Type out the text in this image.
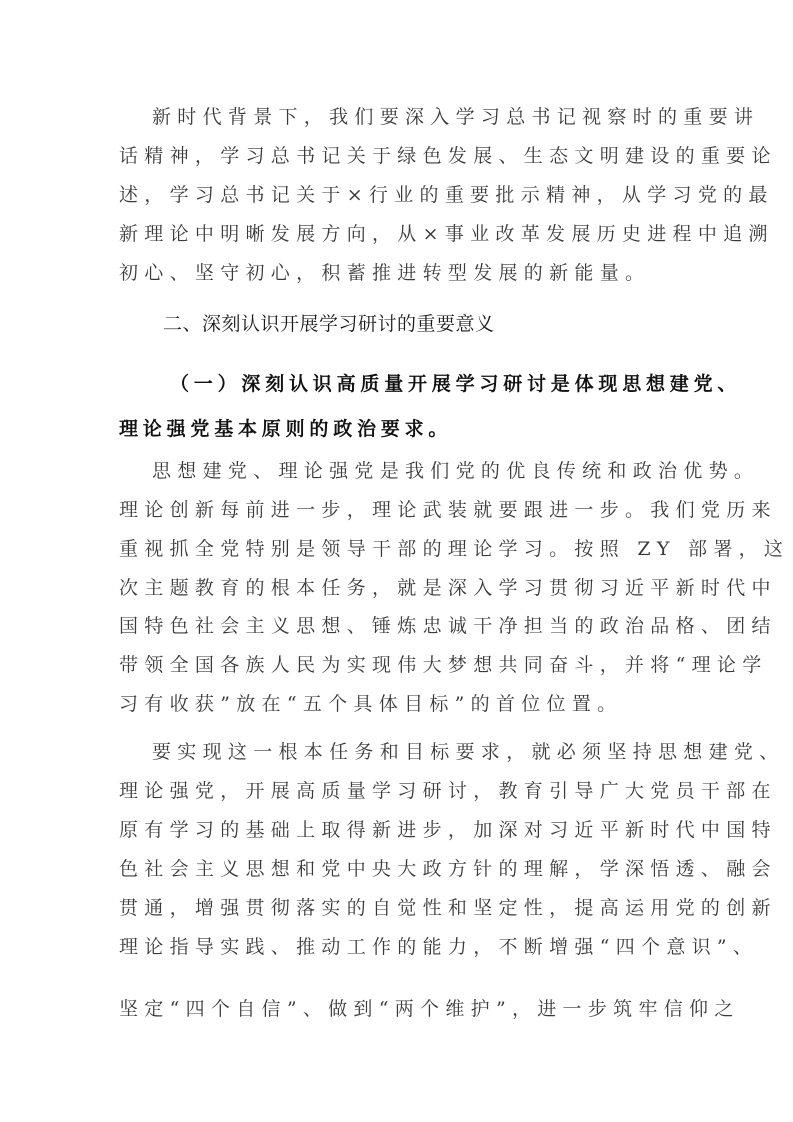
新时代背景下，我们要深入学习总书记视察时的重要讲
话精神，学习总书记关于绿色发展、生态文明建设的重要论
述，学习总书记关于×行业的重要批示精神，从学习党的最
新理论中明晰发展方向，从×事业改革发展历史进程中追溯
初心、坚守初心，积蓄推进转型发展的新能量。
二、深刻认识开展学习研讨的重要意义
（一）深刻认识高质量开展学习研讨是体现思想建党、
理论强党基本原则的政治要求。
思想建党、理论强党是我们党的优良传统和政治优势。
理论创新每前进一步，理论武装就要跟进一步。我们党历来
重视抓全党特别是领导干部的理论学习。按照 ZY 部署，这
次主题教育的根本任务，就是深入学习贯彻习近平新时代中
国特色社会主义思想、锤炼忠诚干净担当的政治品格、团结
带领全国各族人民为实现伟大梦想共同奋斗，并将“理论学
习有收获”放在“五个具体目标”的首位位置。
要实现这一根本任务和目标要求，就必须坚持思想建党、
理论强党，开展高质量学习研讨，教育引导广大党员干部在
原有学习的基础上取得新进步，加深对习近平新时代中国特
色社会主义思想和党中央大政方针的理解，学深悟透、融会
贯通，增强贯彻落实的自觉性和坚定性，提高运用党的创新
理论指导实践、推动工作的能力，不断增强“四个意识”、
坚定“四个自信”、做到“两个维护”，进一步筑牢信仰之
